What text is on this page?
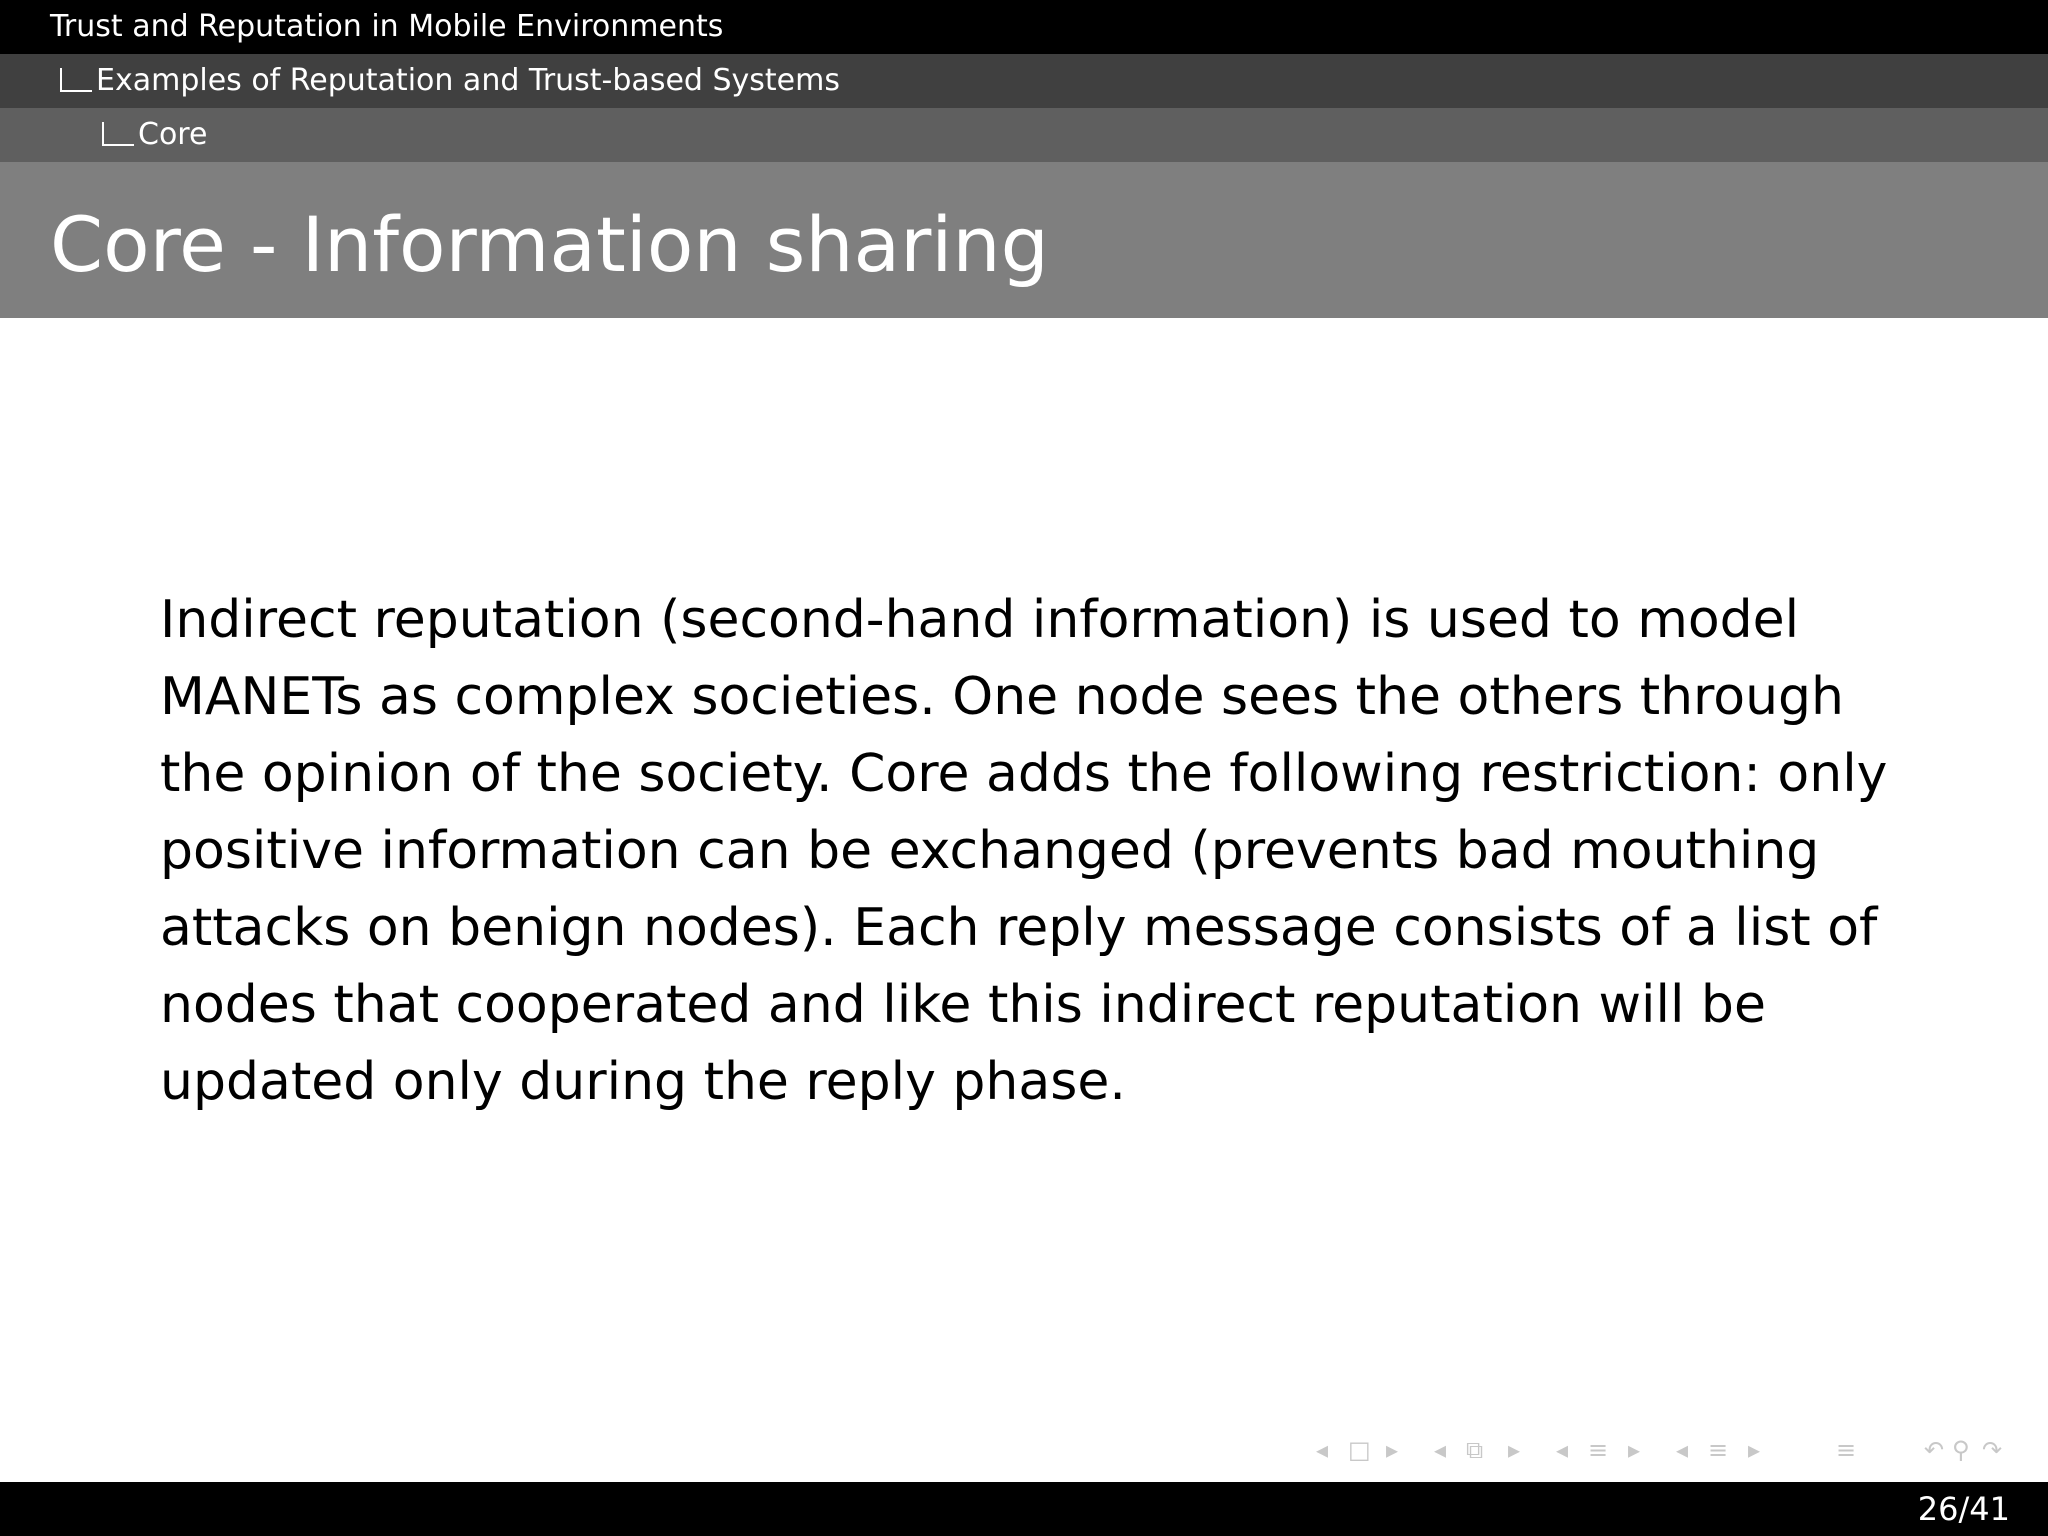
Trust and Reputation in Mobile Environments
Examples of Reputation and Trust-based Systems
Core
Core - Information sharing
Indirect reputation (second-hand information) is used to model MANETs as complex societies. One node sees the others through the opinion of the society. Core adds the following restriction: only positive information can be exchanged (prevents bad mouthing attacks on benign nodes). Each reply message consists of a list of nodes that cooperated and like this indirect reputation will be updated only during the reply phase.
◂ □ ▸ ◂ ⧉ ▸ ◂ ≡ ▸ ◂ ≡ ▸	≡	↶ ⚲ ↷
26/41
